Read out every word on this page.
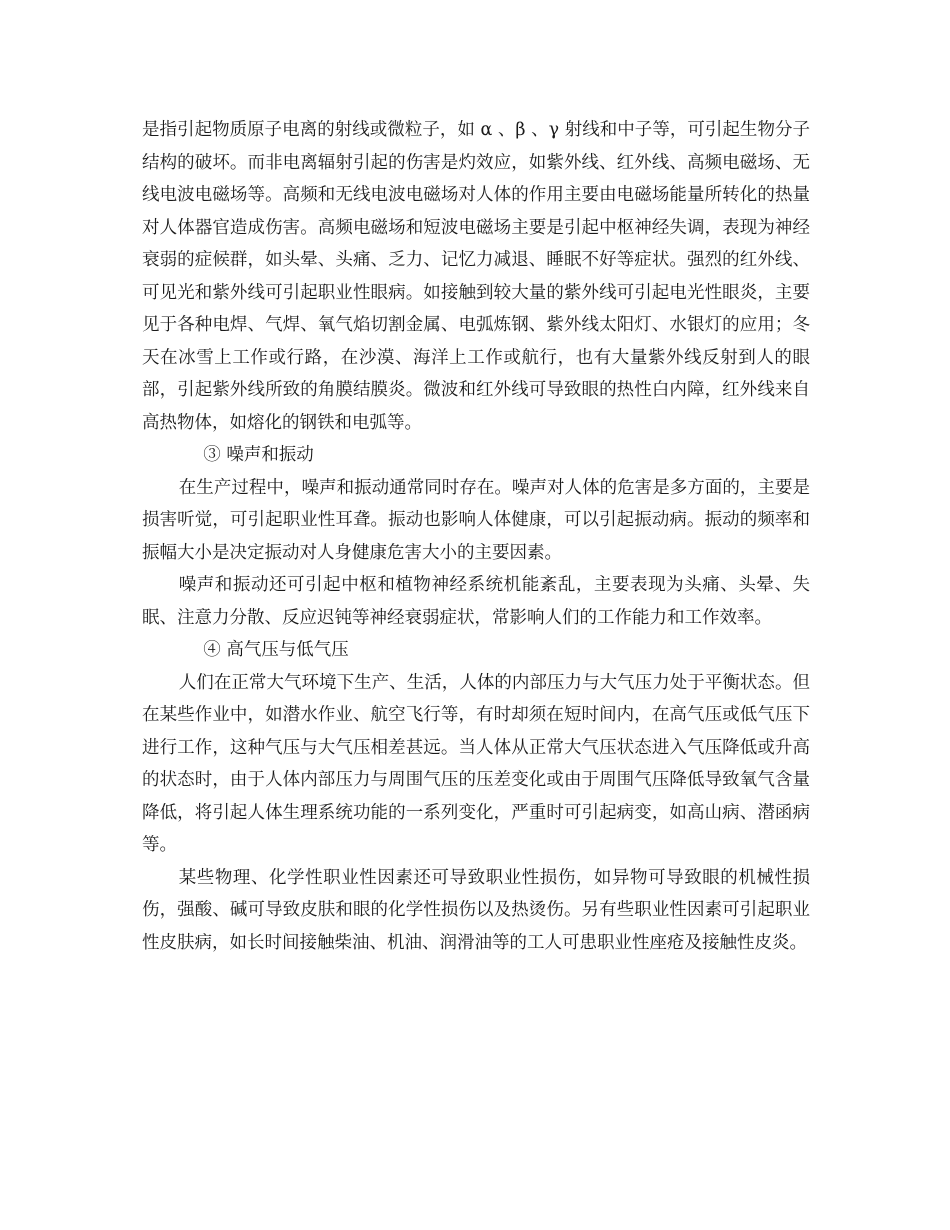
是指引起物质原子电离的射线或微粒子，如 α 、β 、γ 射线和中子等，可引起生物分子结构的破坏。而非电离辐射引起的伤害是灼效应，如紫外线、红外线、高频电磁场、无线电波电磁场等。高频和无线电波电磁场对人体的作用主要由电磁场能量所转化的热量对人体器官造成伤害。高频电磁场和短波电磁场主要是引起中枢神经失调，表现为神经衰弱的症候群，如头晕、头痛、乏力、记忆力减退、睡眠不好等症状。强烈的红外线、可见光和紫外线可引起职业性眼病。如接触到较大量的紫外线可引起电光性眼炎，主要见于各种电焊、气焊、氧气焰切割金属、电弧炼钢、紫外线太阳灯、水银灯的应用；冬天在冰雪上工作或行路，在沙漠、海洋上工作或航行，也有大量紫外线反射到人的眼部，引起紫外线所致的角膜结膜炎。微波和红外线可导致眼的热性白内障，红外线来自高热物体，如熔化的钢铁和电弧等。

③ 噪声和振动

在生产过程中，噪声和振动通常同时存在。噪声对人体的危害是多方面的，主要是损害听觉，可引起职业性耳聋。振动也影响人体健康，可以引起振动病。振动的频率和振幅大小是决定振动对人身健康危害大小的主要因素。

噪声和振动还可引起中枢和植物神经系统机能紊乱，主要表现为头痛、头晕、失眠、注意力分散、反应迟钝等神经衰弱症状，常影响人们的工作能力和工作效率。

④ 高气压与低气压

人们在正常大气环境下生产、生活，人体的内部压力与大气压力处于平衡状态。但在某些作业中，如潜水作业、航空飞行等，有时却须在短时间内，在高气压或低气压下进行工作，这种气压与大气压相差甚远。当人体从正常大气压状态进入气压降低或升高的状态时，由于人体内部压力与周围气压的压差变化或由于周围气压降低导致氧气含量降低，将引起人体生理系统功能的一系列变化，严重时可引起病变，如高山病、潜函病等。

某些物理、化学性职业性因素还可导致职业性损伤，如异物可导致眼的机械性损伤，强酸、碱可导致皮肤和眼的化学性损伤以及热烫伤。另有些职业性因素可引起职业性皮肤病，如长时间接触柴油、机油、润滑油等的工人可患职业性座疮及接触性皮炎。
